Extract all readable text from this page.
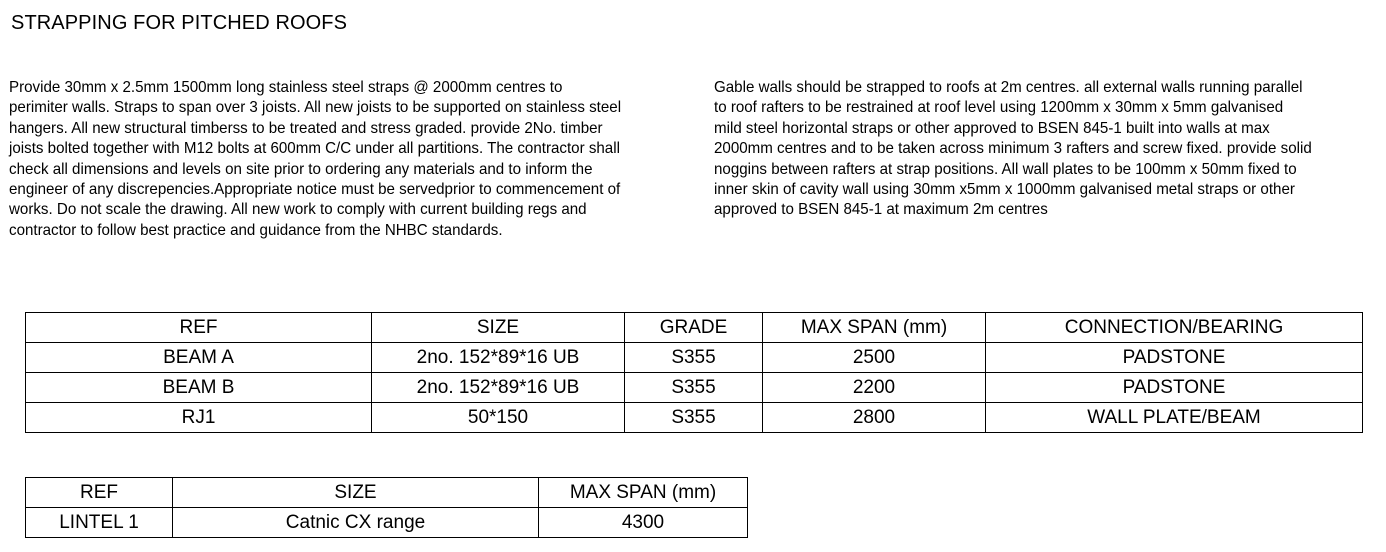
STRAPPING FOR PITCHED ROOFS
Provide 30mm x 2.5mm 1500mm long stainless steel straps @ 2000mm centres to
perimiter walls. Straps to span over 3 joists. All new joists to be supported on stainless steel
hangers. All new structural timberss to be treated and stress graded. provide 2No. timber
joists bolted together with M12 bolts at 600mm C/C under all partitions. The contractor shall
check all dimensions and levels on site prior to ordering any materials and to inform the
engineer of any discrepencies.Appropriate notice must be servedprior to commencement of
works. Do not scale the drawing. All new work to comply with current building regs and
contractor to follow best practice and guidance from the NHBC standards.
Gable walls should be strapped to roofs at 2m centres. all external walls running parallel
to roof rafters to be restrained at roof level using 1200mm x 30mm x 5mm galvanised
mild steel horizontal straps or other approved to BSEN 845-1 built into walls at max
2000mm centres and to be taken across minimum 3 rafters and screw fixed. provide solid
noggins between rafters at strap positions. All wall plates to be 100mm x 50mm fixed to
inner skin of cavity wall using 30mm x5mm x 1000mm galvanised metal straps or other
approved to BSEN 845-1 at maximum 2m centres
REF	SIZE	GRADE	MAX SPAN (mm)	CONNECTION/BEARING
BEAM A	2no. 152*89*16 UB	S355	2500	PADSTONE
BEAM B	2no. 152*89*16 UB	S355	2200	PADSTONE
RJ1	50*150	S355	2800	WALL PLATE/BEAM
REF	SIZE	MAX SPAN (mm)
LINTEL 1	Catnic CX range	4300
